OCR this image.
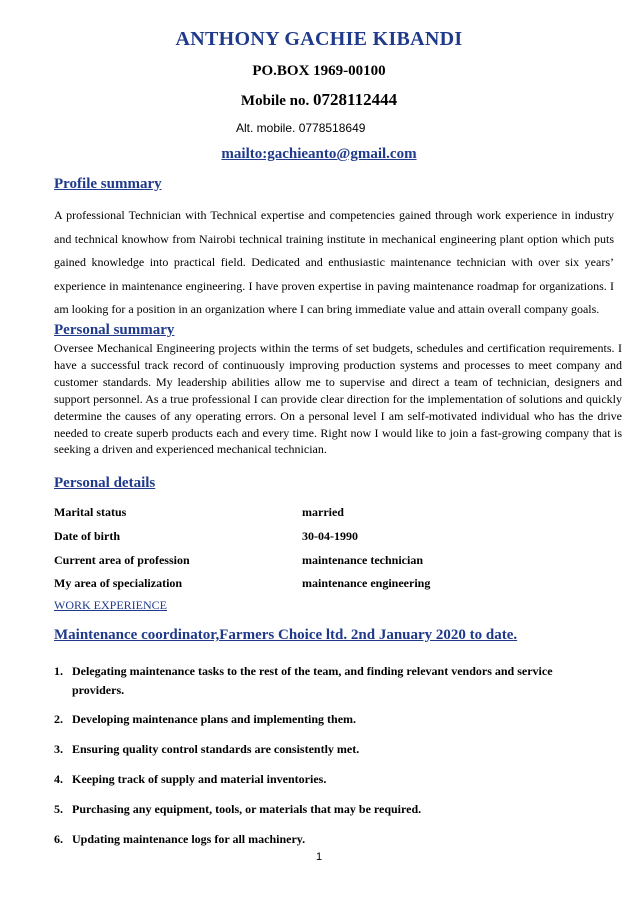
ANTHONY GACHIE KIBANDI
PO.BOX 1969-00100
Mobile no. 0728112444
Alt. mobile. 0778518649
mailto:gachieanto@gmail.com
Profile summary
A professional Technician with Technical expertise and competencies gained through work experience in industry and technical knowhow from Nairobi technical training institute in mechanical engineering plant option which puts gained knowledge into practical field. Dedicated and enthusiastic maintenance technician with over six years’ experience in maintenance engineering. I have proven expertise in paving maintenance roadmap for organizations. I am looking for a position in an organization where I can bring immediate value and attain overall company goals.
Personal summary
Oversee Mechanical Engineering projects within the terms of set budgets, schedules and certification requirements. I have a successful track record of continuously improving production systems and processes to meet company and customer standards. My leadership abilities allow me to supervise and direct a team of technician, designers and support personnel. As a true professional I can provide clear direction for the implementation of solutions and quickly determine the causes of any operating errors. On a personal level I am self-motivated individual who has the drive needed to create superb products each and every time. Right now I would like to join a fast-growing company that is seeking a driven and experienced mechanical technician.
Personal details
Marital status	married
Date of birth	30-04-1990
Current area of profession	maintenance technician
My area of specialization	maintenance engineering
WORK EXPERIENCE
Maintenance coordinator,Farmers Choice ltd. 2nd January 2020 to date.
1. Delegating maintenance tasks to the rest of the team, and finding relevant vendors and service providers.
2. Developing maintenance plans and implementing them.
3. Ensuring quality control standards are consistently met.
4. Keeping track of supply and material inventories.
5. Purchasing any equipment, tools, or materials that may be required.
6. Updating maintenance logs for all machinery.
1
